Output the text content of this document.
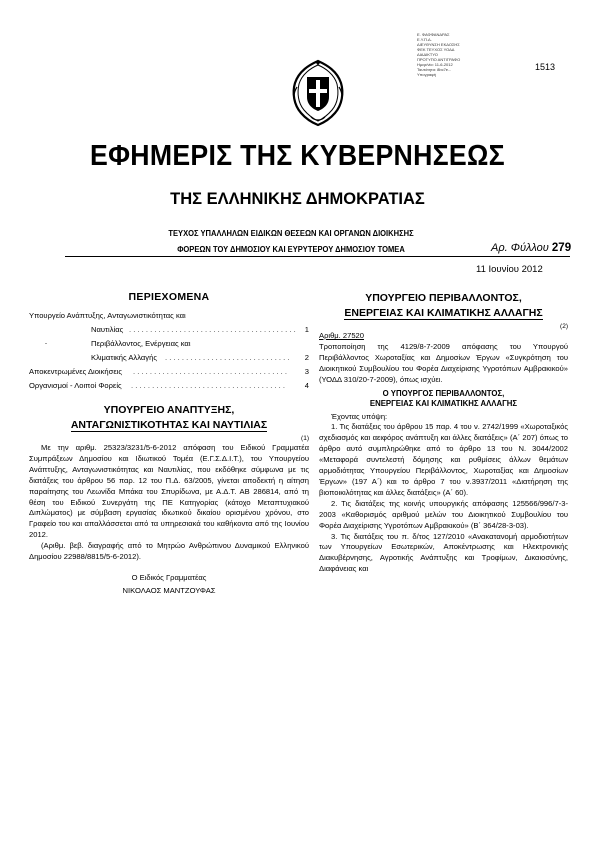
Ε. ΦΑΦΦΑΝΔΡΑΣ
Ε.Υ.Π.Δ.
ΔΙΕΥΘΥΝΣΗ ΕΚΔΟΣΗΣ
ΦΕΚ ΤΕΥΧΟΣ ΥΟΔΔ
ΔΙΑΔΙΚΤΥΟ
ΠΡΟΤΥΠΟ ΑΝΤΙΓΡΑΦΟ
Ημερ/νία: 11-6-2012
Ταυτότητα: 8bc7e...
Υπογραφή
1513
ΕΦΗΜΕΡΙΣ ΤΗΣ ΚΥΒΕΡΝΗΣΕΩΣ
ΤΗΣ ΕΛΛΗΝΙΚΗΣ ΔΗΜΟΚΡΑΤΙΑΣ
ΤΕΥΧΟΣ ΥΠΑΛΛΗΛΩΝ ΕΙΔΙΚΩΝ ΘΕΣΕΩΝ ΚΑΙ ΟΡΓΑΝΩΝ ΔΙΟΙΚΗΣΗΣ
ΦΟΡΕΩΝ ΤΟΥ ΔΗΜΟΣΙΟΥ ΚΑΙ ΕΥΡΥΤΕΡΟΥ ΔΗΜΟΣΙΟΥ ΤΟΜΕΑ	Αρ. Φύλλου 279
11 Ιουνίου 2012
ΠΕΡΙΕΧΟΜΕΝΑ
Υπουργείο Ανάπτυξης, Ανταγωνιστικότητας και
Ναυτιλίας . . . . . . . . . . . . . . . . . . . . . . . . . . . . . . . . . . . . . . . . 1
-	Περιβάλλοντος, Ενέργειας και
Κλιματικής Αλλαγής . . . . . . . . . . . . . . . . . . . . . . . . . . . . . .	2
Αποκεντρωμένες Διοικήσεις . . . . . . . . . . . . . . . . . . . . . . . . . . . . . . . . . . . . .	3
Οργανισμοί - Λοιποί Φορείς . . . . . . . . . . . . . . . . . . . . . . . . . . . . . . . . . . . . .	4
ΥΠΟΥΡΓΕΙΟ ΑΝΑΠΤΥΞΗΣ,
ΑΝΤΑΓΩΝΙΣΤΙΚΟΤΗΤΑΣ ΚΑΙ ΝΑΥΤΙΛΙΑΣ
(1)

Με την αριθμ. 25323/3231/5-6-2012 απόφαση του Ειδικού Γραμματέα Συμπράξεων Δημοσίου και Ιδιωτικού Τομέα (Ε.Γ.Σ.Δ.Ι.Τ.), του Υπουργείου Ανάπτυξης, Ανταγωνιστικότητας και Ναυτιλίας, που εκδόθηκε σύμφωνα με τις διατάξεις του άρθρου 56 παρ. 12 του Π.Δ. 63/2005, γίνεται αποδεκτή η αίτηση παραίτησης του Λεωνίδα Μπάκα του Σπυρίδωνα, με Α.Δ.Τ. ΑΒ 286814, από τη θέση του Ειδικού Συνεργάτη της ΠΕ Κατηγορίας (κάτοχο Μεταπτυχιακού Διπλώματος) με σύμβαση εργασίας ιδιωτικού δικαίου ορισμένου χρόνου, στο Γραφείο του και απαλλάσσεται από τα υπηρεσιακά του καθήκοντα από της Ιουνίου 2012.

(Αριθμ. βεβ. διαγραφής από το Μητρώο Ανθρώπινου Δυναμικού Ελληνικού Δημοσίου 22988/8815/5-6-2012).

Ο Ειδικός Γραμματέας
ΝΙΚΟΛΑΟΣ ΜΑΝΤΖΟΥΦΑΣ
ΥΠΟΥΡΓΕΙΟ ΠΕΡΙΒΑΛΛΟΝΤΟΣ,
ΕΝΕΡΓΕΙΑΣ ΚΑΙ ΚΛΙΜΑΤΙΚΗΣ ΑΛΛΑΓΗΣ
(2)
Αριθμ. 27520

Τροποποίηση της 4129/8-7-2009 απόφασης του Υπουργού Περιβάλλοντος Χωροταξίας και Δημοσίων Έργων «Συγκρότηση του Διοικητικού Συμβουλίου του Φορέα Διαχείρισης Υγροτόπων Αμβρακικού» (ΥΟΔΔ 310/20-7-2009), όπως ισχύει.

Ο ΥΠΟΥΡΓΟΣ ΠΕΡΙΒΑΛΛΟΝΤΟΣ,
ΕΝΕΡΓΕΙΑΣ ΚΑΙ ΚΛΙΜΑΤΙΚΗΣ ΑΛΛΑΓΗΣ

Έχοντας υπόψη:

1. Τις διατάξεις του άρθρου 15 παρ. 4 του ν. 2742/1999 «Χωροταξικός σχεδιασμός και αειφόρος ανάπτυξη και άλλες διατάξεις» (Α΄ 207) όπως το άρθρο αυτό συμπληρώθηκε από το άρθρο 13 του Ν. 3044/2002 «Μεταφορά συντελεστή δόμησης και ρυθμίσεις άλλων θεμάτων αρμοδιότητας Υπουργείου Περιβάλλοντος, Χωροταξίας και Δημοσίων Έργων» (197 Α΄) και το άρθρο 7 του ν.3937/2011 «Διατήρηση της βιοποικιλότητας και άλλες διατάξεις» (Α΄ 60).

2. Τις διατάξεις της κοινής υπουργικής απόφασης 125566/996/7-3-2003 «Καθορισμός αριθμού μελών του Διοικητικού Συμβουλίου του Φορέα Διαχείρισης Υγροτόπων Αμβρακικού» (Β΄ 364/28-3-03).

3. Τις διατάξεις του π. δ/τος 127/2010 «Ανακατανομή αρμοδιοτήτων των Υπουργείων Εσωτερικών, Αποκέντρωσης και Ηλεκτρονικής Διακυβέρνησης, Αγροτικής Ανάπτυξης και Τροφίμων, Δικαιοσύνης, Διαφάνειας και
